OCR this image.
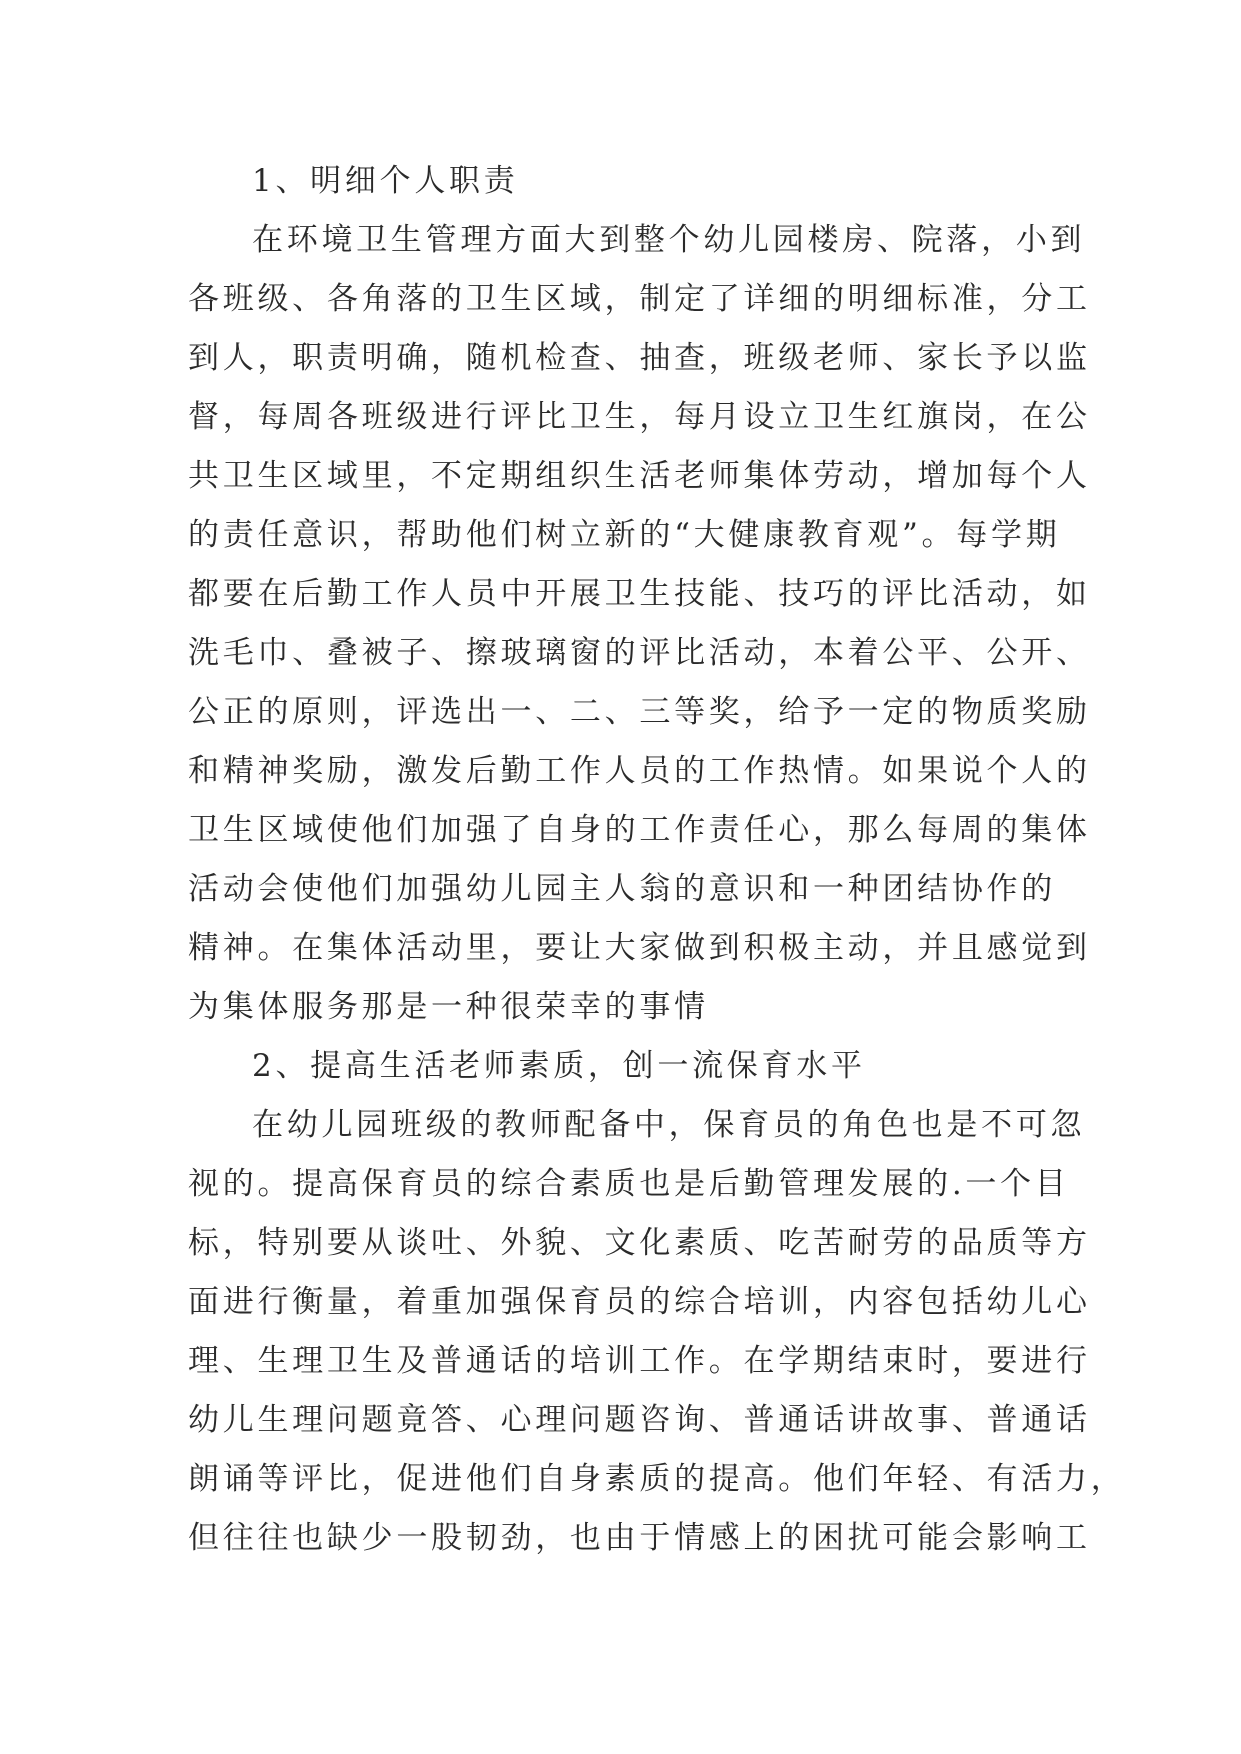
1、明细个人职责
在环境卫生管理方面大到整个幼儿园楼房、院落，小到
各班级、各角落的卫生区域，制定了详细的明细标准，分工
到人，职责明确，随机检查、抽查，班级老师、家长予以监
督，每周各班级进行评比卫生，每月设立卫生红旗岗，在公
共卫生区域里，不定期组织生活老师集体劳动，增加每个人
的责任意识，帮助他们树立新的“大健康教育观”。每学期
都要在后勤工作人员中开展卫生技能、技巧的评比活动，如
洗毛巾、叠被子、擦玻璃窗的评比活动，本着公平、公开、
公正的原则，评选出一、二、三等奖，给予一定的物质奖励
和精神奖励，激发后勤工作人员的工作热情。如果说个人的
卫生区域使他们加强了自身的工作责任心，那么每周的集体
活动会使他们加强幼儿园主人翁的意识和一种团结协作的
精神。在集体活动里，要让大家做到积极主动，并且感觉到
为集体服务那是一种很荣幸的事情
2、提高生活老师素质，创一流保育水平
在幼儿园班级的教师配备中，保育员的角色也是不可忽
视的。提高保育员的综合素质也是后勤管理发展的.一个目
标，特别要从谈吐、外貌、文化素质、吃苦耐劳的品质等方
面进行衡量，着重加强保育员的综合培训，内容包括幼儿心
理、生理卫生及普通话的培训工作。在学期结束时，要进行
幼儿生理问题竟答、心理问题咨询、普通话讲故事、普通话
朗诵等评比，促进他们自身素质的提高。他们年轻、有活力，
但往往也缺少一股韧劲，也由于情感上的困扰可能会影响工
